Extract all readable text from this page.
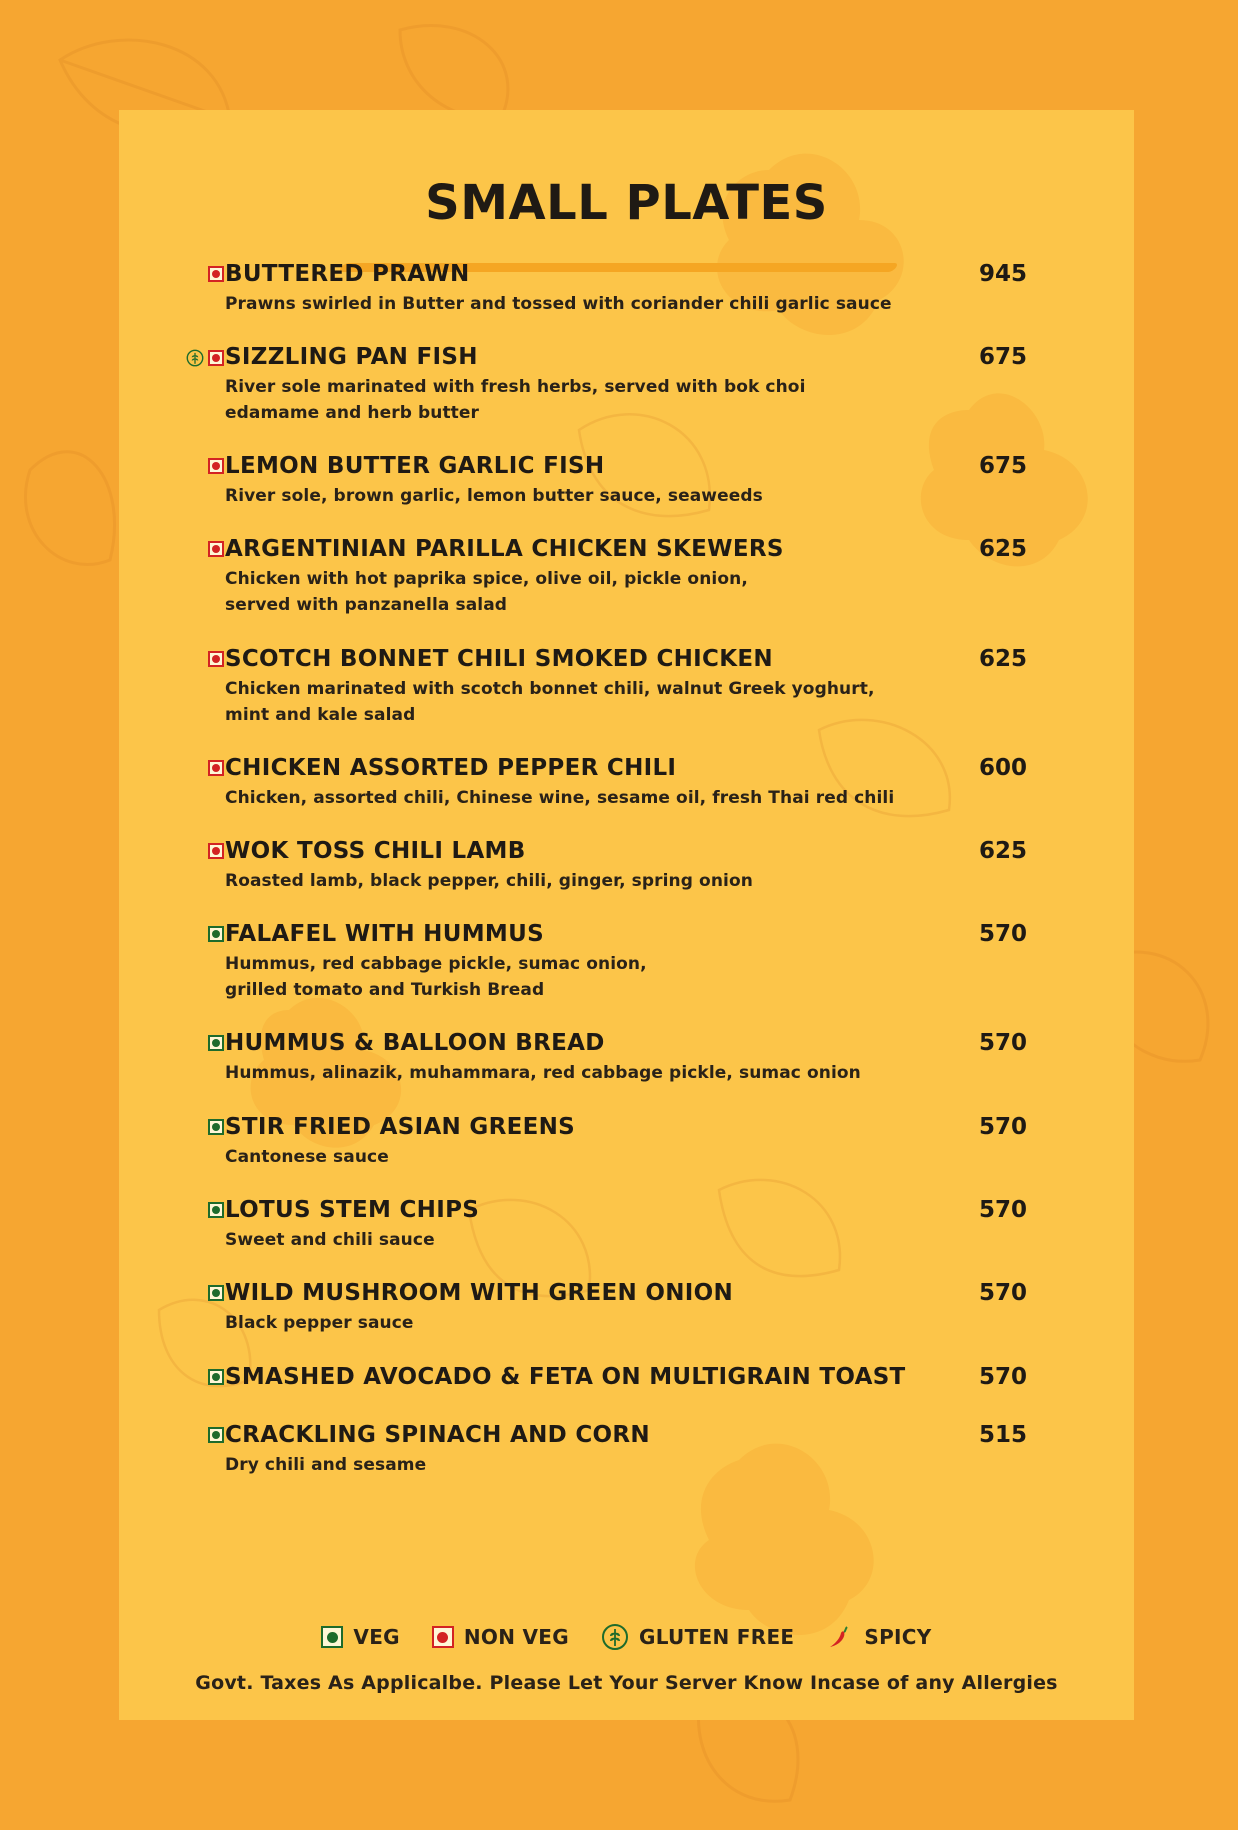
SMALL PLATES
BUTTERED PRAWN	945
Prawns swirled in Butter and tossed with coriander chili garlic sauce
SIZZLING PAN FISH	675
River sole marinated with fresh herbs, served with bok choi
edamame and herb butter
LEMON BUTTER GARLIC FISH	675
River sole, brown garlic, lemon butter sauce, seaweeds
ARGENTINIAN PARILLA CHICKEN SKEWERS	625
Chicken with hot paprika spice, olive oil, pickle onion,
served with panzanella salad
SCOTCH BONNET CHILI SMOKED CHICKEN	625
Chicken marinated with scotch bonnet chili, walnut Greek yoghurt,
mint and kale salad
CHICKEN ASSORTED PEPPER CHILI	600
Chicken, assorted chili, Chinese wine, sesame oil, fresh Thai red chili
WOK TOSS CHILI LAMB	625
Roasted lamb, black pepper, chili, ginger, spring onion
FALAFEL WITH HUMMUS	570
Hummus, red cabbage pickle, sumac onion,
grilled tomato and Turkish Bread
HUMMUS & BALLOON BREAD	570
Hummus, alinazik, muhammara, red cabbage pickle, sumac onion
STIR FRIED ASIAN GREENS	570
Cantonese sauce
LOTUS STEM CHIPS	570
Sweet and chili sauce
WILD MUSHROOM WITH GREEN ONION	570
Black pepper sauce
SMASHED AVOCADO & FETA ON MULTIGRAIN TOAST	570
CRACKLING SPINACH AND CORN	515
Dry chili and sesame
VEG	NON VEG	GLUTEN FREE	SPICY
Govt. Taxes As Applicalbe. Please Let Your Server Know Incase of any Allergies
